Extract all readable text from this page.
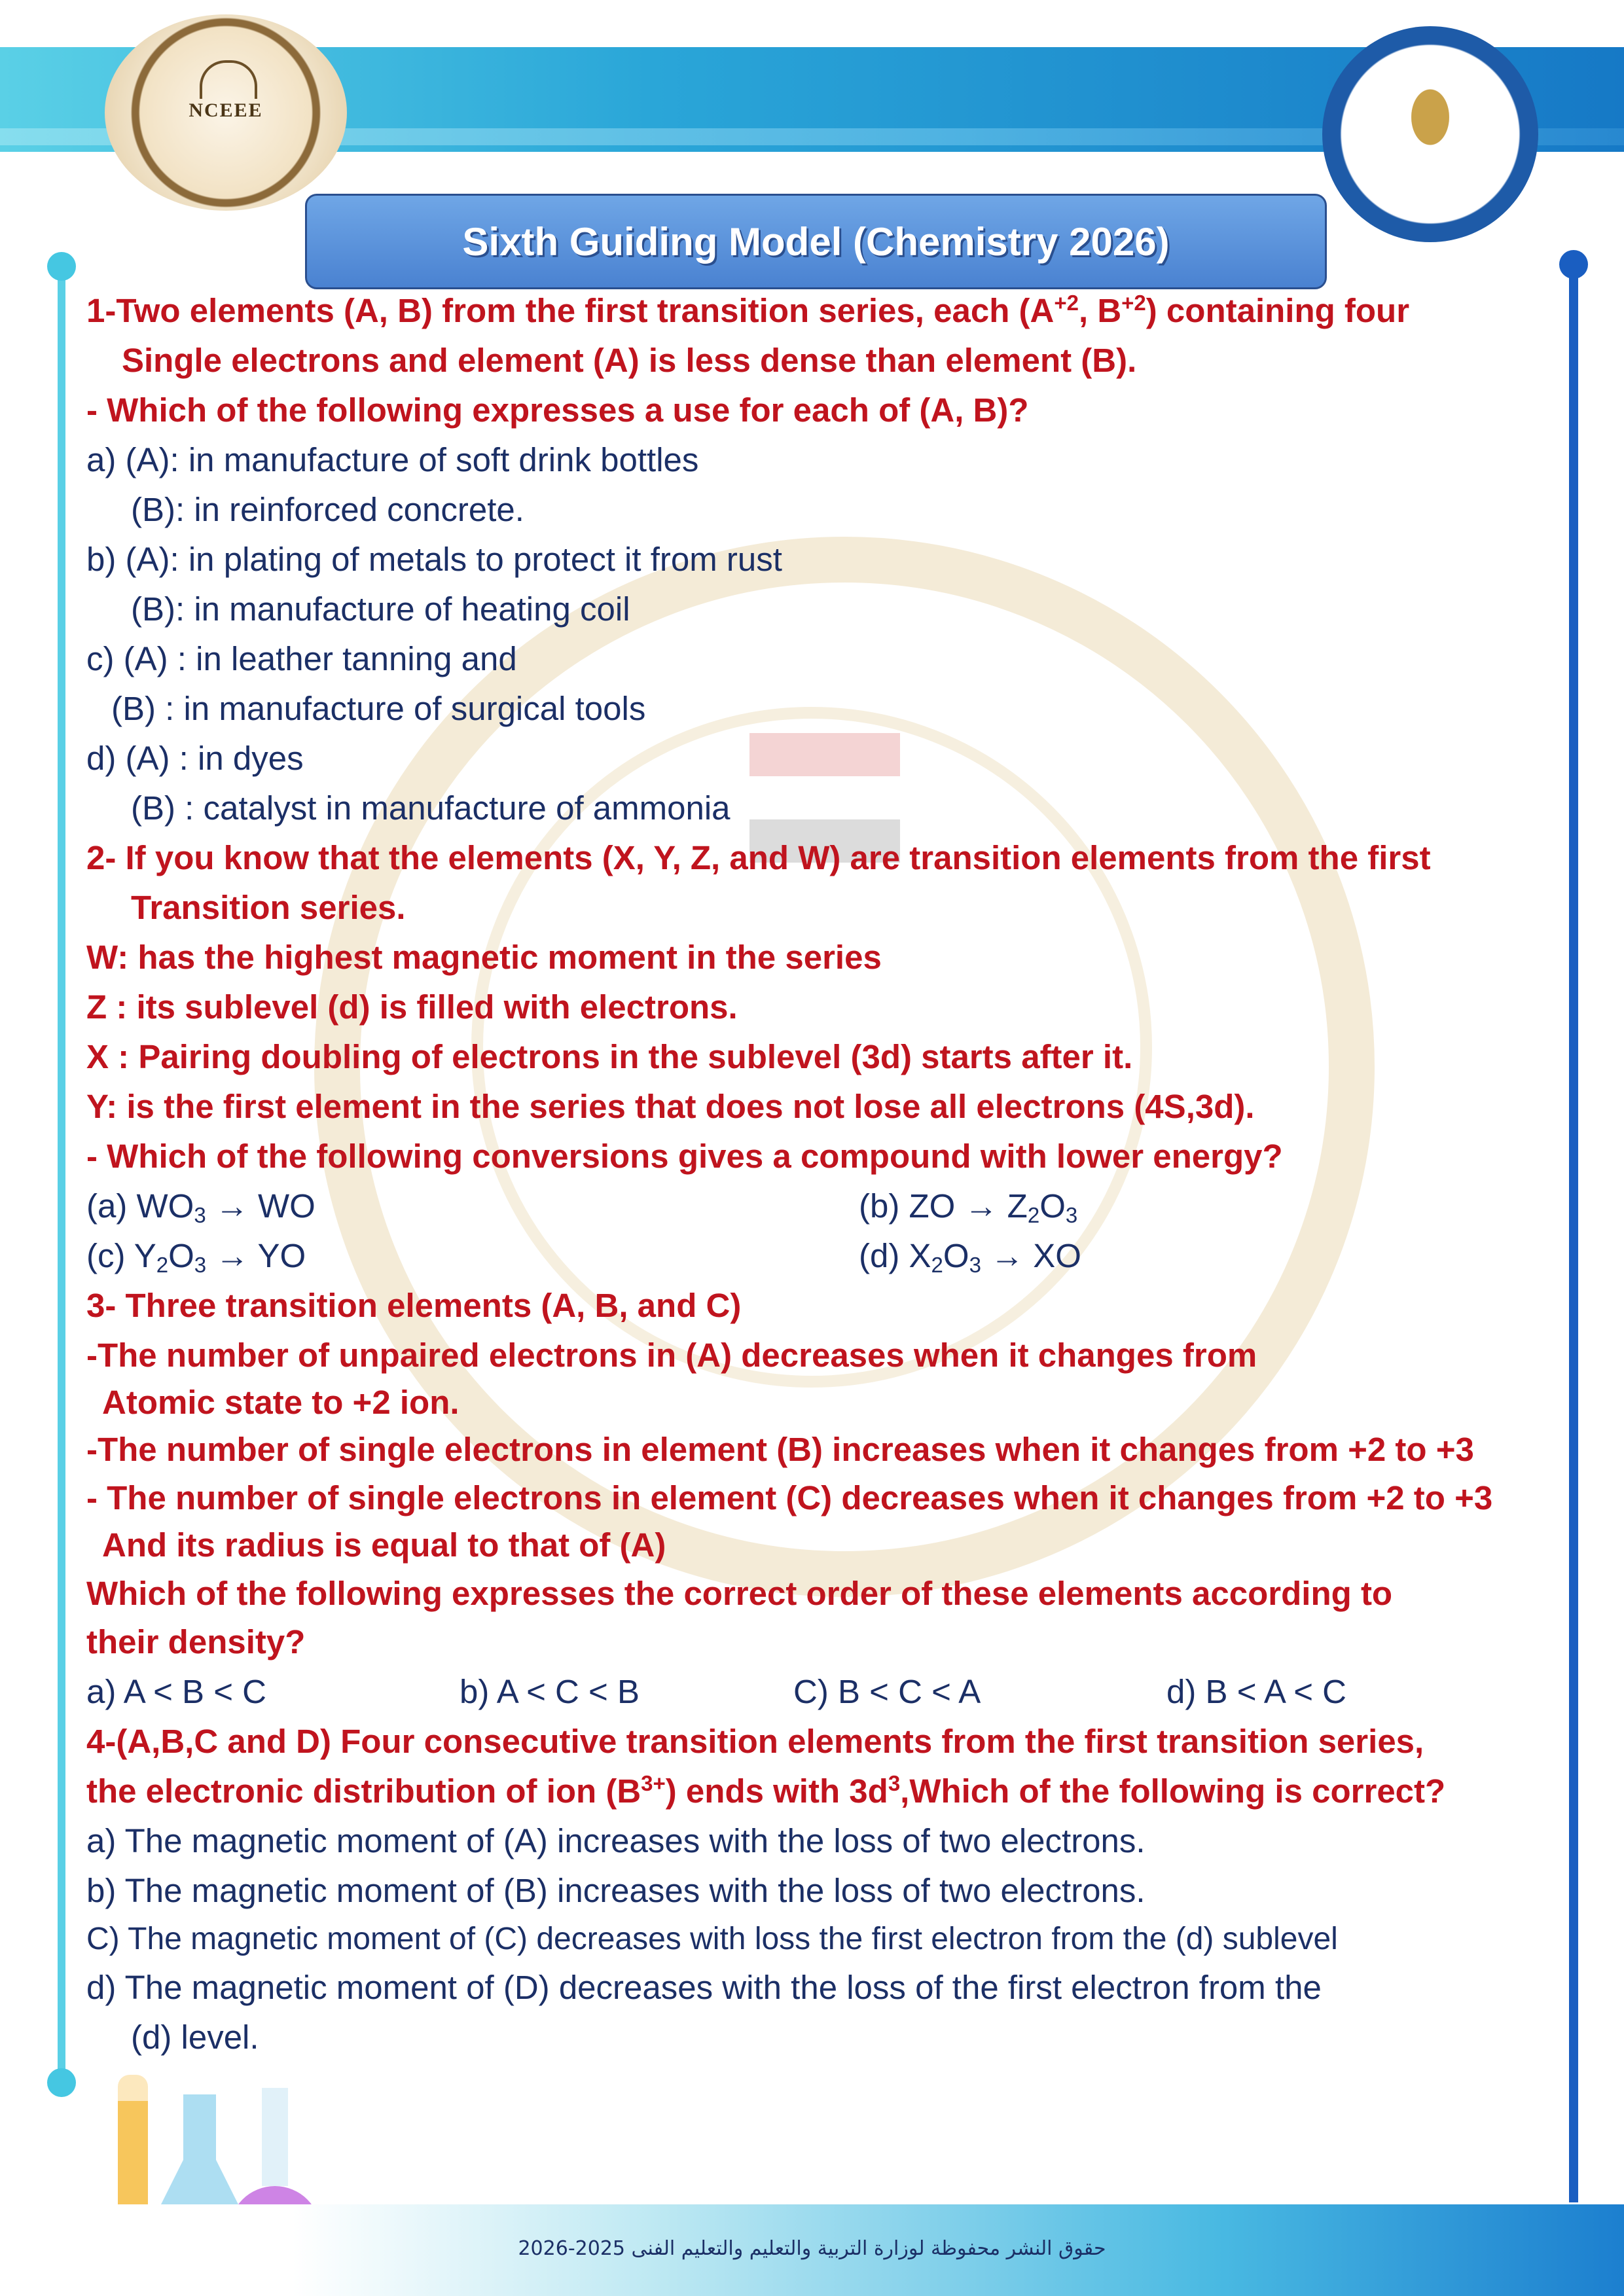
NCEEE
Sixth Guiding Model (Chemistry 2026)
1-Two elements (A, B) from the first transition series, each ($A^{+2}$, $B^{+2}$) containing four
Single electrons and element (A) is less dense than element (B).
- Which of the following expresses a use for each of (A, B)?
a) (A): in manufacture of soft drink bottles
(B): in reinforced concrete.
b) (A): in plating of metals to protect it from rust
(B): in manufacture of heating coil
c) (A) : in leather tanning and
(B) : in manufacture of surgical tools
d) (A) : in dyes
(B) : catalyst in manufacture of ammonia
2- If you know that the elements (X, Y, Z, and W) are transition elements from the first
Transition series.
W: has the highest magnetic moment in the series
Z : its sublevel (d) is filled with electrons.
X : Pairing doubling of electrons in the sublevel (3d) starts after it.
Y: is the first element in the series that does not lose all electrons (4S,3d).
- Which of the following conversions gives a compound with lower energy?
(a) $WO_3$ → WO	(b) ZO → $Z_2O_3$
(c) $Y_2O_3$ → YO	(d) $X_2O_3$ → XO
3- Three transition elements (A, B, and C)
-The number of unpaired electrons in (A) decreases when it changes from
Atomic state to +2 ion.
-The number of single electrons in element (B) increases when it changes from +2 to +3
- The number of single electrons in element (C) decreases when it changes from +2 to +3
And its radius is equal to that of (A)
Which of the following expresses the correct order of these elements according to
their density?
a) A < B < C	b) A < C < B	C) B < C < A	d) B < A < C
4-(A,B,C and D) Four consecutive transition elements from the first transition series,
the electronic distribution of ion $(B^{3+})$ ends with $3d^3,Which$ of the following is correct?
a) The magnetic moment of (A) increases with the loss of two electrons.
b) The magnetic moment of (B) increases with the loss of two electrons.
C) The magnetic moment of (C) decreases with loss the first electron from the (d) sublevel
d) The magnetic moment of (D) decreases with the loss of the first electron from the
(d) level.
حقوق النشر محفوظة لوزارة التربية والتعليم والتعليم الفنى 2025-2026
